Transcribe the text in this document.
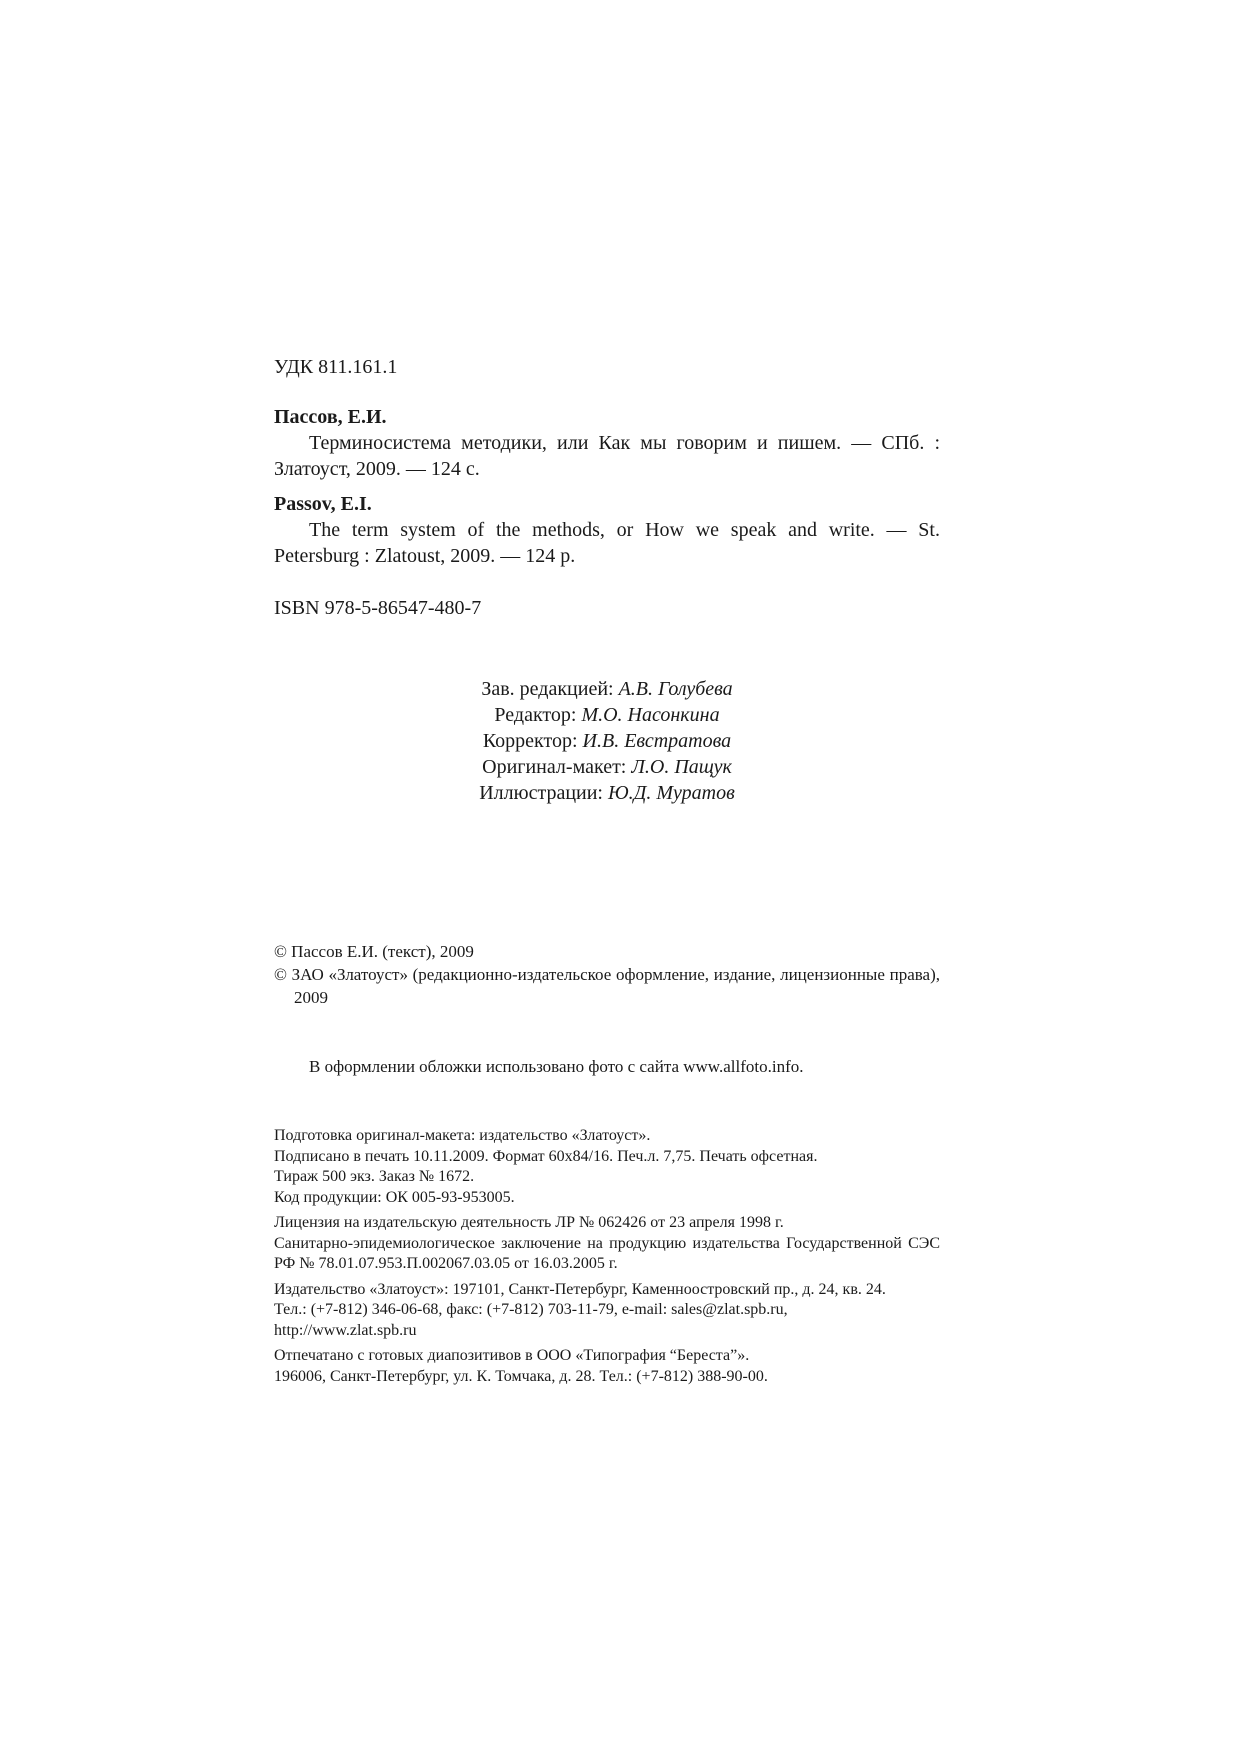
УДК 811.161.1

Пассов, Е.И.

Терминосистема методики, или Как мы говорим и пишем. — СПб. : Златоуст, 2009. — 124 с.

Passov, E.I.

The term system of the methods, or How we speak and write. — St. Petersburg : Zlatoust, 2009. — 124 p.

ISBN 978-5-86547-480-7

Зав. редакцией: А.В. Голубева

Редактор: М.О. Насонкина

Корректор: И.В. Евстратова

Оригинал-макет: Л.О. Пащук

Иллюстрации: Ю.Д. Муратов

© Пассов Е.И. (текст), 2009

© ЗАО «Златоуст» (редакционно-издательское оформление, издание, лицензионные права), 2009

В оформлении обложки использовано фото с сайта www.allfoto.info.

Подготовка оригинал-макета: издательство «Златоуст».

Подписано в печать 10.11.2009. Формат 60х84/16. Печ.л. 7,75. Печать офсетная.

Тираж 500 экз. Заказ № 1672.

Код продукции: ОК 005-93-953005.

Лицензия на издательскую деятельность ЛР № 062426 от 23 апреля 1998 г.

Санитарно-эпидемиологическое заключение на продукцию издательства Государственной СЭС РФ № 78.01.07.953.П.002067.03.05 от 16.03.2005 г.

Издательство «Златоуст»: 197101, Санкт-Петербург, Каменноостровский пр., д. 24, кв. 24.

Тел.: (+7-812) 346-06-68, факс: (+7-812) 703-11-79, e-mail: sales@zlat.spb.ru,

http://www.zlat.spb.ru

Отпечатано с готовых диапозитивов в ООО «Типография “Береста”».

196006, Санкт-Петербург, ул. К. Томчака, д. 28. Тел.: (+7-812) 388-90-00.
